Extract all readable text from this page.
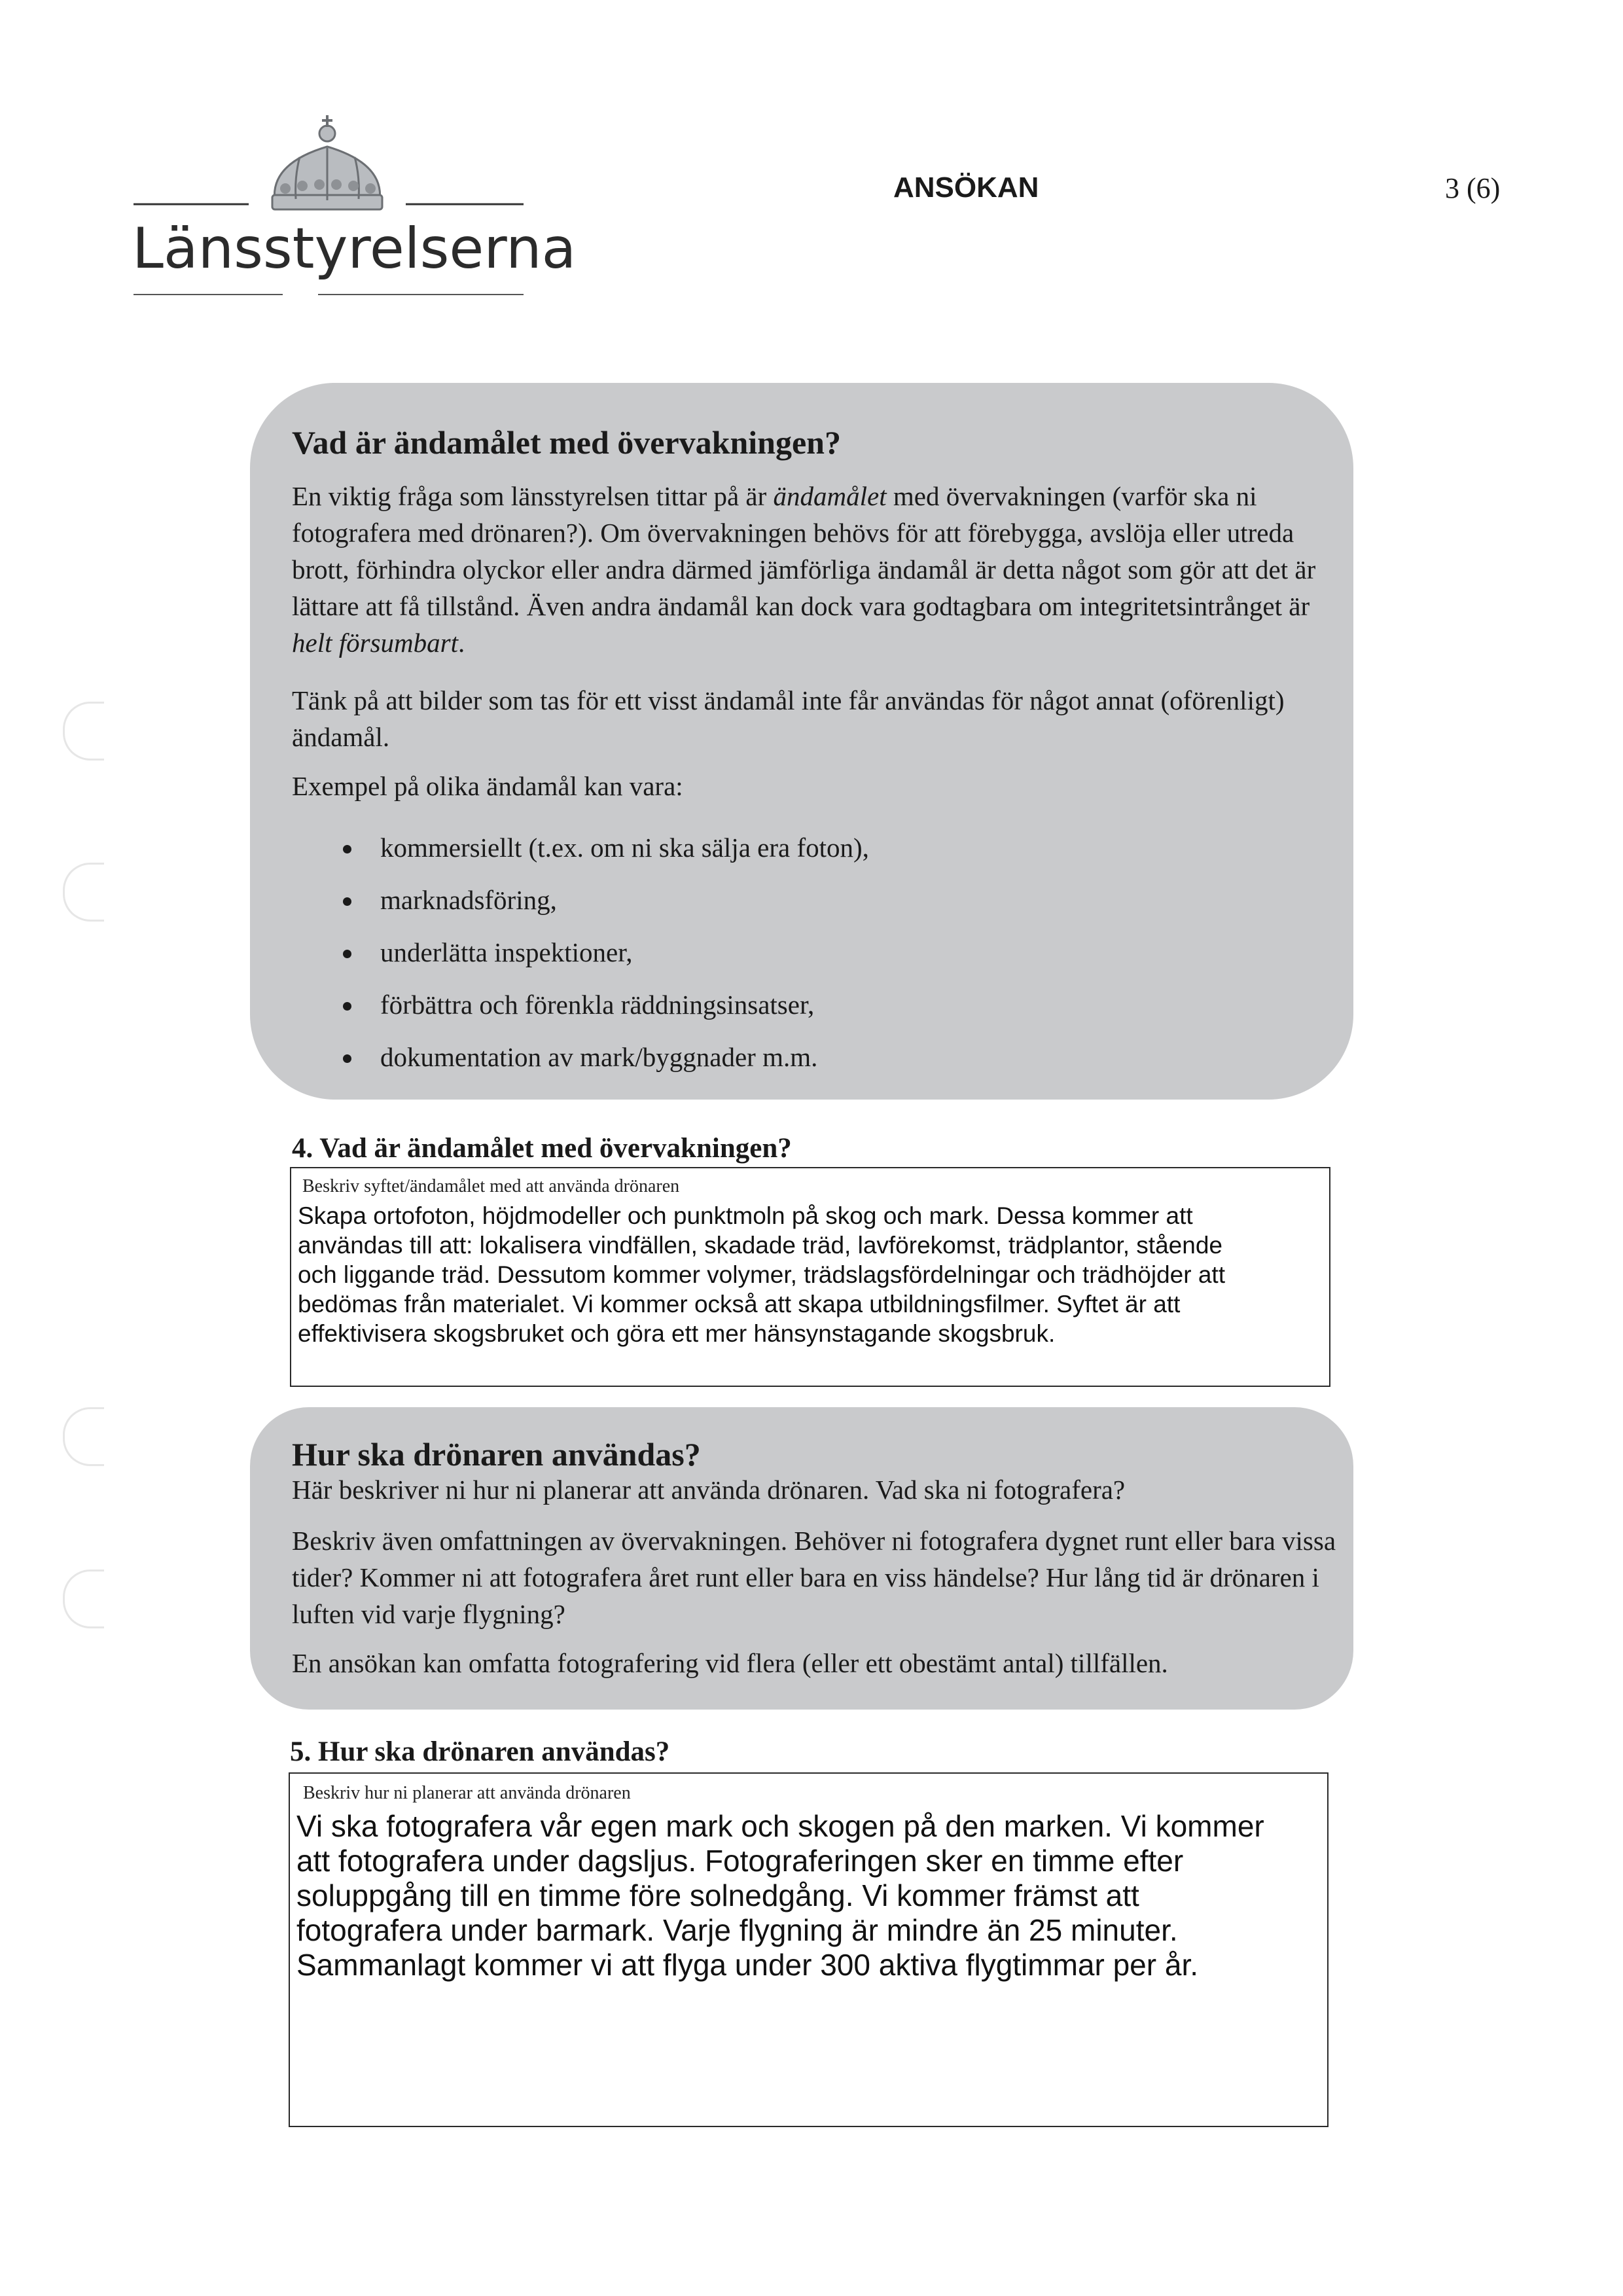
Länsstyrelserna
ANSÖKAN	3 (6)
Vad är ändamålet med övervakningen?

En viktig fråga som länsstyrelsen tittar på är ändamålet med övervakningen (varför ska ni fotografera med drönaren?). Om övervakningen behövs för att förebygga, avslöja eller utreda brott, förhindra olyckor eller andra därmed jämförliga ändamål är detta något som gör att det är lättare att få tillstånd. Även andra ändamål kan dock vara godtagbara om integritetsintrånget är helt försumbart.

Tänk på att bilder som tas för ett visst ändamål inte får användas för något annat (oförenligt) ändamål.

Exempel på olika ändamål kan vara:

kommersiellt (t.ex. om ni ska sälja era foton),
marknadsföring,
underlätta inspektioner,
förbättra och förenkla räddningsinsatser,
dokumentation av mark/byggnader m.m.
4. Vad är ändamålet med övervakningen?
Beskriv syftet/ändamålet med att använda drönaren

Skapa ortofoton, höjdmodeller och punktmoln på skog och mark. Dessa kommer att

användas till att: lokalisera vindfällen, skadade träd, lavförekomst, trädplantor, stående

och liggande träd. Dessutom kommer volymer, trädslagsfördelningar och trädhöjder att

bedömas från materialet. Vi kommer också att skapa utbildningsfilmer. Syftet är att

effektivisera skogsbruket och göra ett mer hänsynstagande skogsbruk.

Hur ska drönaren användas?

Här beskriver ni hur ni planerar att använda drönaren. Vad ska ni fotografera?

Beskriv även omfattningen av övervakningen. Behöver ni fotografera dygnet runt eller bara vissa tider? Kommer ni att fotografera året runt eller bara en viss händelse? Hur lång tid är drönaren i luften vid varje flygning?

En ansökan kan omfatta fotografering vid flera (eller ett obestämt antal) tillfällen.

5. Hur ska drönaren användas?
Beskriv hur ni planerar att använda drönaren

Vi ska fotografera vår egen mark och skogen på den marken. Vi kommer

att fotografera under dagsljus. Fotograferingen sker en timme efter

soluppgång till en timme före solnedgång. Vi kommer främst att

fotografera under barmark. Varje flygning är mindre än 25 minuter.

Sammanlagt kommer vi att flyga under 300 aktiva flygtimmar per år.
